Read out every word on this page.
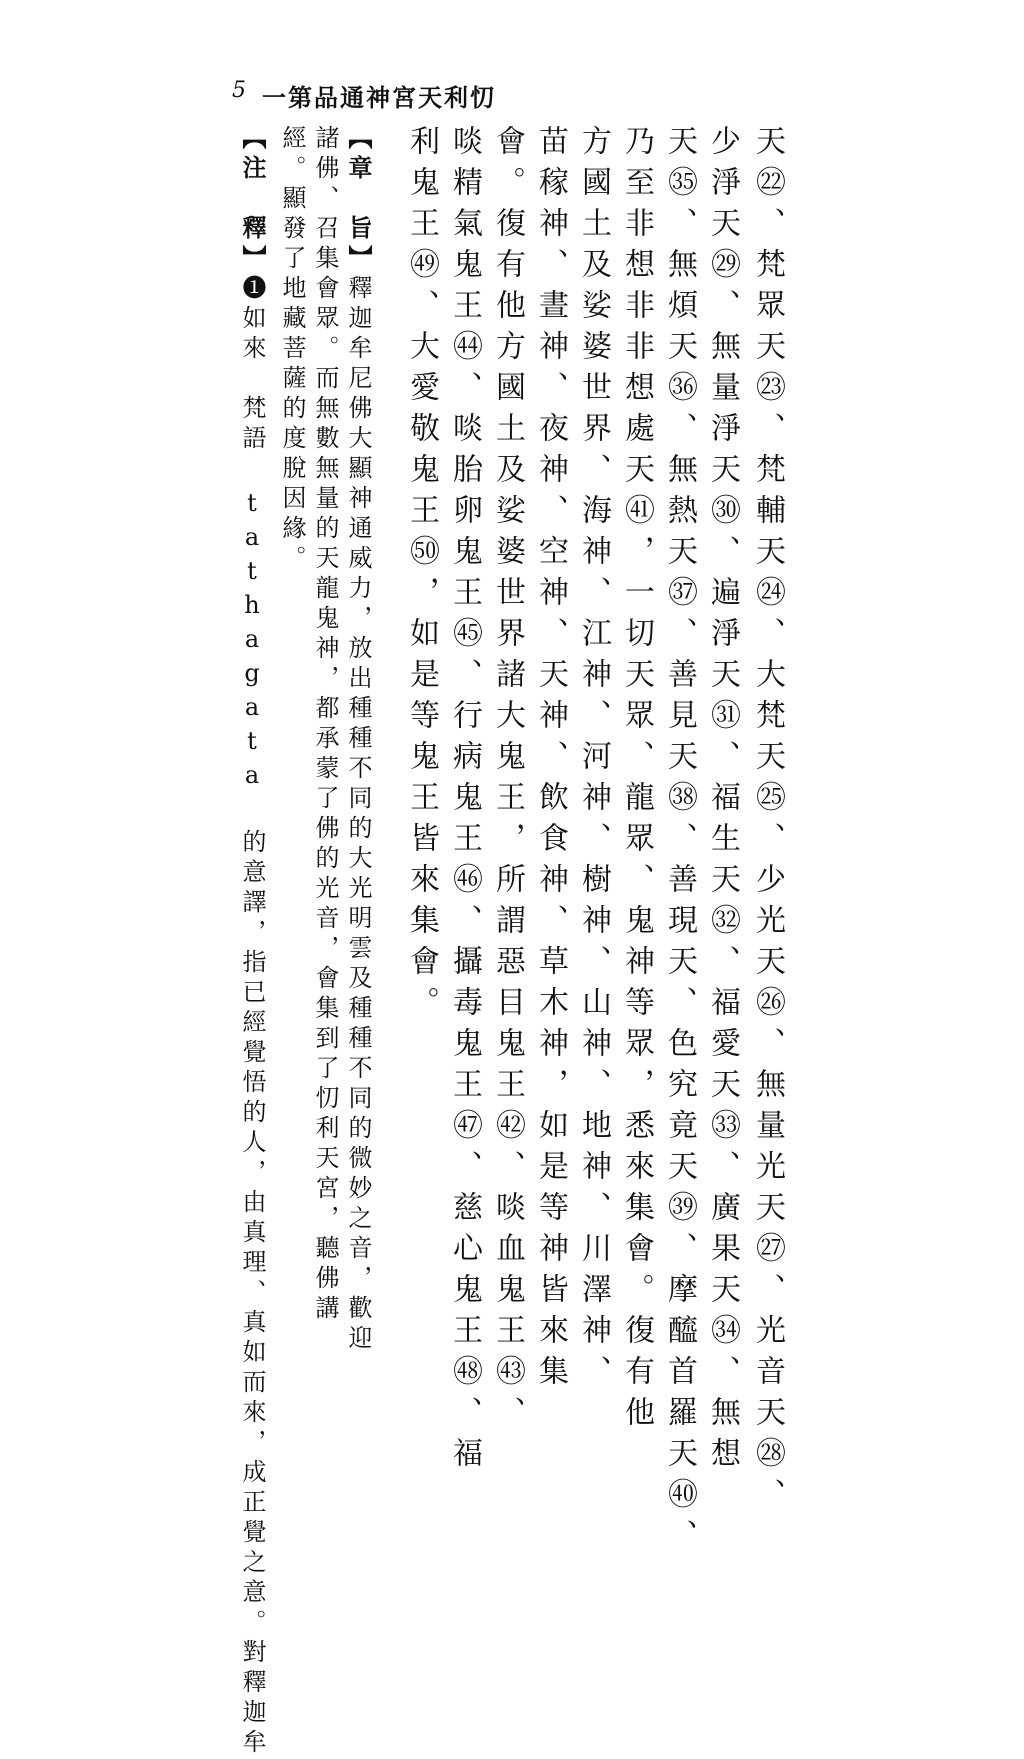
5 一第品通神宮天利忉
天㉒、梵眾天㉓、梵輔天㉔、大梵天㉕、少光天㉖、無量光天㉗、光音天㉘、
少淨天㉙、無量淨天㉚、遍淨天㉛、福生天㉜、福愛天㉝、廣果天㉞、無想
天㉟、無煩天㊱、無熱天㊲、善見天㊳、善現天、色究竟天㊴、摩醯首羅天㊵、
乃至非想非非想處天㊶，一切天眾、龍眾、鬼神等眾，悉來集會。復有他
方國土及娑婆世界、海神、江神、河神、樹神、山神、地神、川澤神、
苗稼神、晝神、夜神、空神、天神、飲食神、草木神，如是等神皆來集
會。復有他方國土及娑婆世界諸大鬼王，所謂惡目鬼王㊷、啖血鬼王㊸、
啖精氣鬼王㊹、啖胎卵鬼王㊺、行病鬼王㊻、攝毒鬼王㊼、慈心鬼王㊽、福
利鬼王㊾、大愛敬鬼王㊿，如是等鬼王皆來集會。
【章　旨】釋迦牟尼佛大顯神通威力，放出種種不同的大光明雲及種種不同的微妙之音，歡迎
諸佛、召集會眾。而無數無量的天龍鬼神，都承蒙了佛的光音，會集到了忉利天宮，聽佛講
經。顯發了地藏菩薩的度脫因緣。
【注　釋】❶如來　梵語 tathagata 的意譯，指已經覺悟的人，由真理、真如而來，成正覺之意。對釋迦牟
